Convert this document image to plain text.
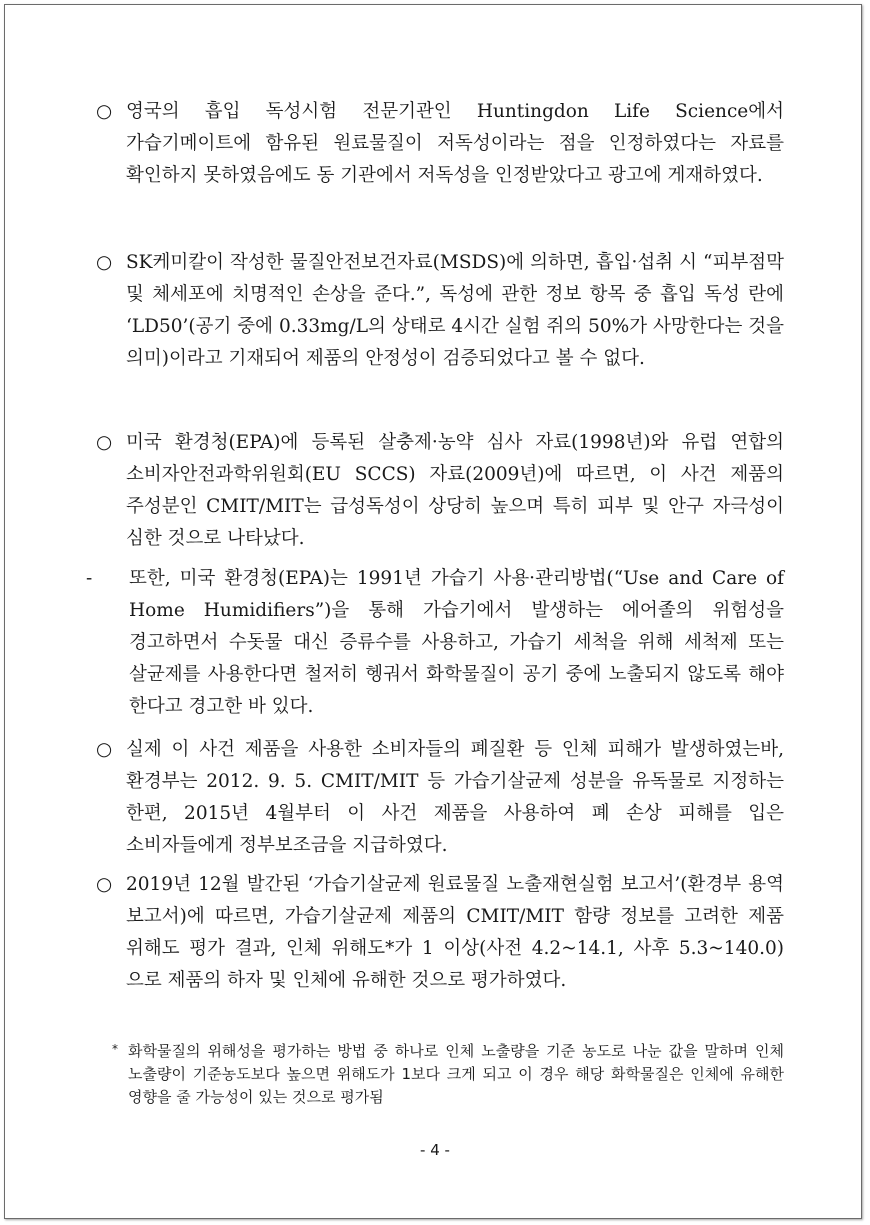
○ 영국의 흡입 독성시험 전문기관인 Huntingdon Life Science에서 가습기메이트에 함유된 원료물질이 저독성이라는 점을 인정하였다는 자료를 확인하지 못하였음에도 동 기관에서 저독성을 인정받았다고 광고에 게재하였다.
○ SK케미칼이 작성한 물질안전보건자료(MSDS)에 의하면, 흡입·섭취 시 “피부점막 및 체세포에 치명적인 손상을 준다.”, 독성에 관한 정보 항목 중 흡입 독성 란에 ‘LD50’(공기 중에 0.33mg/L의 상태로 4시간 실험 쥐의 50%가 사망한다는 것을 의미)이라고 기재되어 제품의 안정성이 검증되었다고 볼 수 없다.
○ 미국 환경청(EPA)에 등록된 살충제·농약 심사 자료(1998년)와 유럽 연합의 소비자안전과학위원회(EU SCCS) 자료(2009년)에 따르면, 이 사건 제품의 주성분인 CMIT/MIT는 급성독성이 상당히 높으며 특히 피부 및 안구 자극성이 심한 것으로 나타났다.
-	또한, 미국 환경청(EPA)는 1991년 가습기 사용·관리방법(“Use and Care of Home Humidifiers”)을 통해 가습기에서 발생하는 에어졸의 위험성을 경고하면서 수돗물 대신 증류수를 사용하고, 가습기 세척을 위해 세척제 또는 살균제를 사용한다면 철저히 헹궈서 화학물질이 공기 중에 노출되지 않도록 해야 한다고 경고한 바 있다.
○ 실제 이 사건 제품을 사용한 소비자들의 폐질환 등 인체 피해가 발생하였는바, 환경부는 2012. 9. 5. CMIT/MIT 등 가습기살균제 성분을 유독물로 지정하는 한편, 2015년 4월부터 이 사건 제품을 사용하여 폐 손상 피해를 입은 소비자들에게 정부보조금을 지급하였다.
○ 2019년 12월 발간된 ‘가습기살균제 원료물질 노출재현실험 보고서’(환경부 용역 보고서)에 따르면, 가습기살균제 제품의 CMIT/MIT 함량 정보를 고려한 제품 위해도 평가 결과, 인체 위해도*가 1 이상(사전 4.2~14.1, 사후 5.3~140.0)으로 제품의 하자 및 인체에 유해한 것으로 평가하였다.
* 화학물질의 위해성을 평가하는 방법 중 하나로 인체 노출량을 기준 농도로 나눈 값을 말하며 인체 노출량이 기준농도보다 높으면 위해도가 1보다 크게 되고 이 경우 해당 화학물질은 인체에 유해한 영향을 줄 가능성이 있는 것으로 평가됨
- 4 -
